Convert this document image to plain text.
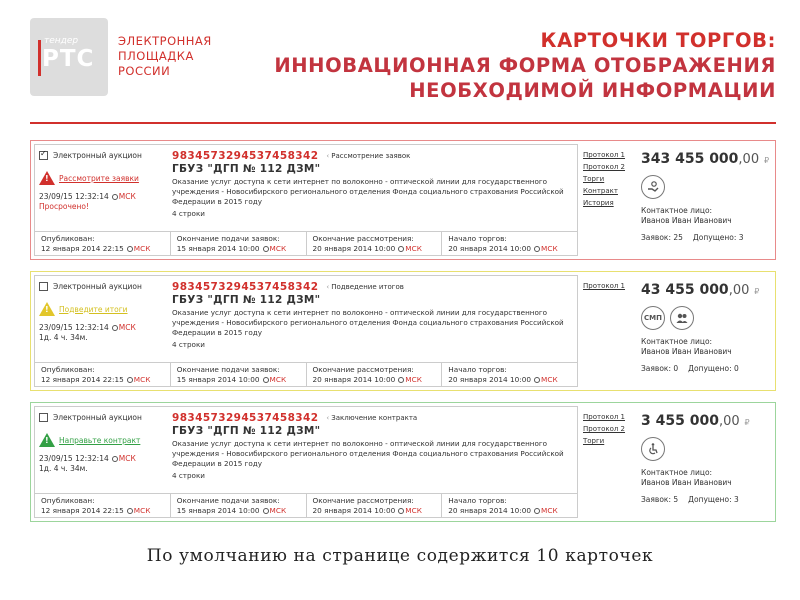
тендер
РТС
ЭЛЕКТРОННАЯ
ПЛОЩАДКА
РОССИИ
КАРТОЧКИ ТОРГОВ:
ИННОВАЦИОННАЯ ФОРМА ОТОБРАЖЕНИЯ
НЕОБХОДИМОЙ ИНФОРМАЦИИ
✓
Электронный аукцион
! Рассмотрите заявки
23/09/15 12:32:14 МСК
Просрочено!
9834573294537458342 ‹ Рассмотрение заявок
ГБУЗ "ДГП № 112 ДЗМ"
Оказание услуг доступа к сети интернет по волоконно - оптической линии для государственного учреждения - Новосибирского регионального отделения Фонда социального страхования Российской Федерации в 2015 году
4 строки
Опубликован:
12 января 2014 22:15 МСК
Окончание подачи заявок:
15 января 2014 10:00 МСК
Окончание рассмотрения:
20 января 2014 10:00 МСК
Начало торгов:
20 января 2014 10:00 МСК
Протокол 1
Протокол 2
Торги
Контракт
История
343 455 000,00 ₽
Контактное лицо:
Иванов Иван Иванович
Заявок: 25 Допущено: 3
Электронный аукцион
! Подведите итоги
23/09/15 12:32:14 МСК
1д. 4 ч. 34м.
9834573294537458342 ‹ Подведение итогов
ГБУЗ "ДГП № 112 ДЗМ"
Оказание услуг доступа к сети интернет по волоконно - оптической линии для государственного учреждения - Новосибирского регионального отделения Фонда социального страхования Российской Федерации в 2015 году
4 строки
Опубликован:
12 января 2014 22:15 МСК
Окончание подачи заявок:
15 января 2014 10:00 МСК
Окончание рассмотрения:
20 января 2014 10:00 МСК
Начало торгов:
20 января 2014 10:00 МСК
Протокол 1	43 455 000,00 ₽
СМП
Контактное лицо:
Иванов Иван Иванович
Заявок: 0 Допущено: 0
Электронный аукцион
! Направьте контракт
23/09/15 12:32:14 МСК
1д. 4 ч. 34м.
9834573294537458342 ‹ Заключение контракта
ГБУЗ "ДГП № 112 ДЗМ"
Оказание услуг доступа к сети интернет по волоконно - оптической линии для государственного учреждения - Новосибирского регионального отделения Фонда социального страхования Российской Федерации в 2015 году
4 строки
Опубликован:
12 января 2014 22:15 МСК
Окончание подачи заявок:
15 января 2014 10:00 МСК
Окончание рассмотрения:
20 января 2014 10:00 МСК
Начало торгов:
20 января 2014 10:00 МСК
Протокол 1
Протокол 2
Торги
3 455 000,00 ₽
Контактное лицо:
Иванов Иван Иванович
Заявок: 5 Допущено: 3
По умолчанию на странице содержится 10 карточек
